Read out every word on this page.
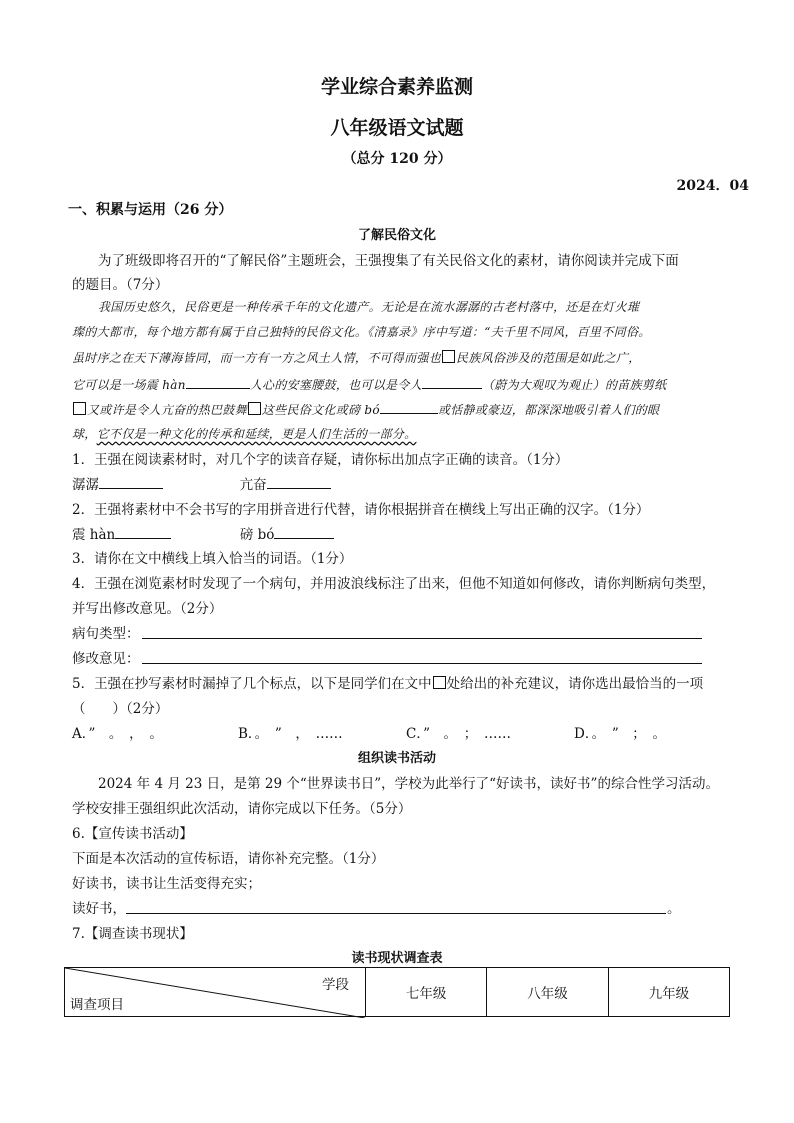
学业综合素养监测
八年级语文试题
（总分 120 分）
2024．04
一、积累与运用（26 分）
了解民俗文化
为了班级即将召开的“了解民俗”主题班会，王强搜集了有关民俗文化的素材，请你阅读并完成下面
的题目。（7分）
我国历史悠久，民俗更是一种传承千年的文化遗产。无论是在流水潺潺的古老村落中，还是在灯火璀
璨的大都市，每个地方都有属于自己独特的民俗文化。《清嘉录》序中写道：“夫千里不同风，百里不同俗。
虽时序之在天下薄海皆同，而一方有一方之风土人情，不可得而强也 民族风俗涉及的范围是如此之广，
它可以是一场震 hàn	人心的安塞腰鼓，也可以是令人	（蔚为大观叹为观止）的苗族剪纸
又或许是令人亢奋的热巴鼓舞 这些民俗文化或磅 bó	或恬静或豪迈，都深深地吸引着人们的眼
球，它不仅是一种文化的传承和延续，更是人们生活的一部分。
1．王强在阅读素材时，对几个字的读音存疑，请你标出加点字正确的读音。（1分）
潺潺	亢奋
2．王强将素材中不会书写的字用拼音进行代替，请你根据拼音在横线上写出正确的汉字。（1分）
震 hàn	磅 bó
3．请你在文中横线上填入恰当的词语。（1分）
4．王强在浏览素材时发现了一个病句，并用波浪线标注了出来，但他不知道如何修改，请你判断病句类型，
并写出修改意见。（2分）
病句类型：
修改意见：
5．王强在抄写素材时漏掉了几个标点，以下是同学们在文中 处给出的补充建议，请你选出最恰当的一项
（　　）（2分）
A．”　。　，　。	B．。　”　，　……	C．”　。　；　……	D．。　”　；　。
组织读书活动
2024 年 4 月 23 日，是第 29 个“世界读书日”，学校为此举行了“好读书，读好书”的综合性学习活动。
学校安排王强组织此次活动，请你完成以下任务。（5分）
6.【宣传读书活动】
下面是本次活动的宣传标语，请你补充完整。（1分）
好读书，读书让生活变得充实；
读好书，	。
7.【调查读书现状】
读书现状调查表
学段
调查项目
	七年级	八年级	九年级
